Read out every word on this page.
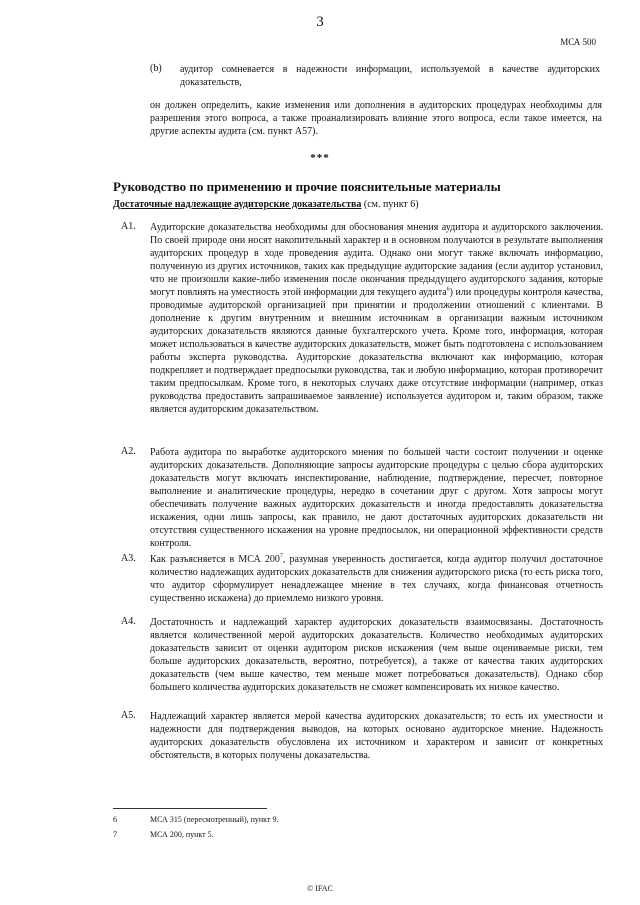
3
МСА 500
(b) аудитор сомневается в надежности информации, используемой в качестве аудиторских доказательств,
он должен определить, какие изменения или дополнения в аудиторских процедурах необходимы для разрешения этого вопроса, а также проанализировать влияние этого вопроса, если такое имеется, на другие аспекты аудита (см. пункт А57).
***
Руководство по применению и прочие пояснительные материалы
Достаточные надлежащие аудиторские доказательства (см. пункт 6)
A1. Аудиторские доказательства необходимы для обоснования мнения аудитора и аудиторского заключения. По своей природе они носят накопительный характер и в основном получаются в результате выполнения аудиторских процедур в ходе проведения аудита. Однако они могут также включать информацию, полученную из других источников, таких как предыдущие аудиторские задания (если аудитор установил, что не произошли какие-либо изменения после окончания предыдущего аудиторского задания, которые могут повлиять на уместность этой информации для текущего аудита$^6$) или процедуры контроля качества, проводимые аудиторской организацией при принятии и продолжении отношений с клиентами. В дополнение к другим внутренним и внешним источникам в организации важным источником аудиторских доказательств являются данные бухгалтерского учета. Кроме того, информация, которая может использоваться в качестве аудиторских доказательств, может быть подготовлена с использованием работы эксперта руководства. Аудиторские доказательства включают как информацию, которая подкрепляет и подтверждает предпосылки руководства, так и любую информацию, которая противоречит таким предпосылкам. Кроме того, в некоторых случаях даже отсутствие информации (например, отказ руководства предоставить запрашиваемое заявление) используется аудитором и, таким образом, также является аудиторским доказательством.
A2. Работа аудитора по выработке аудиторского мнения по большей части состоит получении и оценке аудиторских доказательств. Дополняющие запросы аудиторские процедуры с целью сбора аудиторских доказательств могут включать инспектирование, наблюдение, подтверждение, пересчет, повторное выполнение и аналитические процедуры, нередко в сочетании друг с другом. Хотя запросы могут обеспечивать получение важных аудиторских доказательств и иногда предоставлять доказательства искажения, одни лишь запросы, как правило, не дают достаточных аудиторских доказательств ни отсутствия существенного искажения на уровне предпосылок, ни операционной эффективности средств контроля.
A3. Как разъясняется в МСА $200^7$, разумная уверенность достигается, когда аудитор получил достаточное количество надлежащих аудиторских доказательств для снижения аудиторского риска (то есть риска того, что аудитор сформулирует ненадлежащее мнение в тех случаях, когда финансовая отчетность существенно искажена) до приемлемо низкого уровня.
A4. Достаточность и надлежащий характер аудиторских доказательств взаимосвязаны. Достаточность является количественной мерой аудиторских доказательств. Количество необходимых аудиторских доказательств зависит от оценки аудитором рисков искажения (чем выше оцениваемые риски, тем больше аудиторских доказательств, вероятно, потребуется), а также от качества таких аудиторских доказательств (чем выше качество, тем меньше может потребоваться доказательств). Однако сбор большего количества аудиторских доказательств не сможет компенсировать их низкое качество.
A5. Надлежащий характер является мерой качества аудиторских доказательств; то есть их уместности и надежности для подтверждения выводов, на которых основано аудиторское мнение. Надежность аудиторских доказательств обусловлена их источником и характером и зависит от конкретных обстоятельств, в которых получены доказательства.
6	МСА 315 (пересмотренный), пункт 9.
7	МСА 200, пункт 5.
© IFAC
